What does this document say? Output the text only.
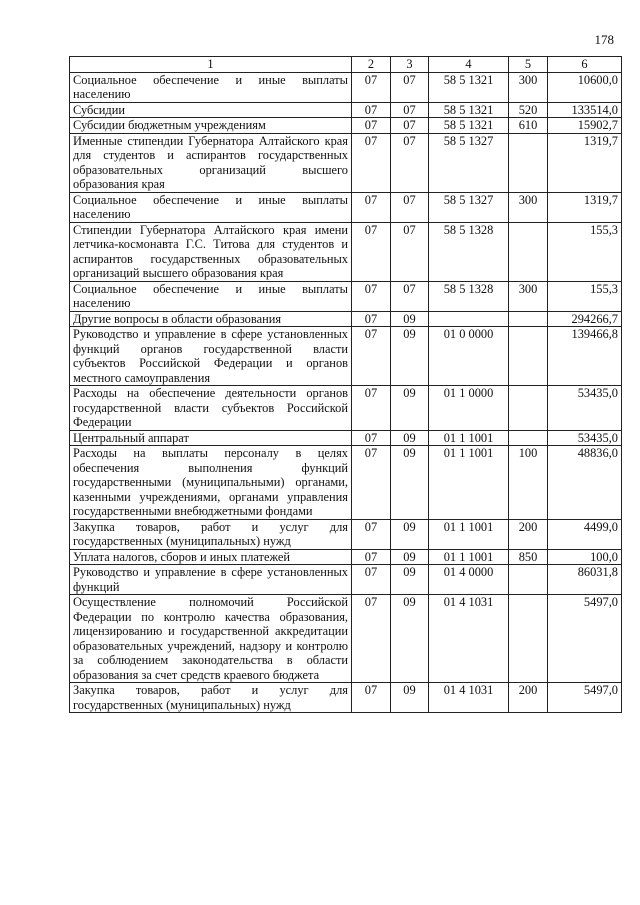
178
1	2	3	4	5	6
Социальное обеспечение и иные выплаты населению	07	07	58 5 1321	300	10600,0
Субсидии	07	07	58 5 1321	520	133514,0
Субсидии бюджетным учреждениям	07	07	58 5 1321	610	15902,7
Именные стипендии Губернатора Алтайского края для студентов и аспирантов государственных образовательных организаций высшего образования края	07	07	58 5 1327		1319,7
Социальное обеспечение и иные выплаты населению	07	07	58 5 1327	300	1319,7
Стипендии Губернатора Алтайского края имени летчика-космонавта Г.С. Титова для студентов и аспирантов государственных образовательных организаций высшего образования края	07	07	58 5 1328		155,3
Социальное обеспечение и иные выплаты населению	07	07	58 5 1328	300	155,3
Другие вопросы в области образования	07	09			294266,7
Руководство и управление в сфере установленных функций органов государственной власти субъектов Российской Федерации и органов местного самоуправления	07	09	01 0 0000		139466,8
Расходы на обеспечение деятельности органов государственной власти субъектов Российской Федерации	07	09	01 1 0000		53435,0
Центральный аппарат	07	09	01 1 1001		53435,0
Расходы на выплаты персоналу в целях обеспечения выполнения функций государственными (муниципальными) органами, казенными учреждениями, органами управления государственными внебюджетными фондами	07	09	01 1 1001	100	48836,0
Закупка товаров, работ и услуг для государственных (муниципальных) нужд	07	09	01 1 1001	200	4499,0
Уплата налогов, сборов и иных платежей	07	09	01 1 1001	850	100,0
Руководство и управление в сфере установленных функций	07	09	01 4 0000		86031,8
Осуществление полномочий Российской Федерации по контролю качества образования, лицензированию и государственной аккредитации образовательных учреждений, надзору и контролю за соблюдением законодательства в области образования за счет средств краевого бюджета	07	09	01 4 1031		5497,0
Закупка товаров, работ и услуг для государственных (муниципальных) нужд	07	09	01 4 1031	200	5497,0
